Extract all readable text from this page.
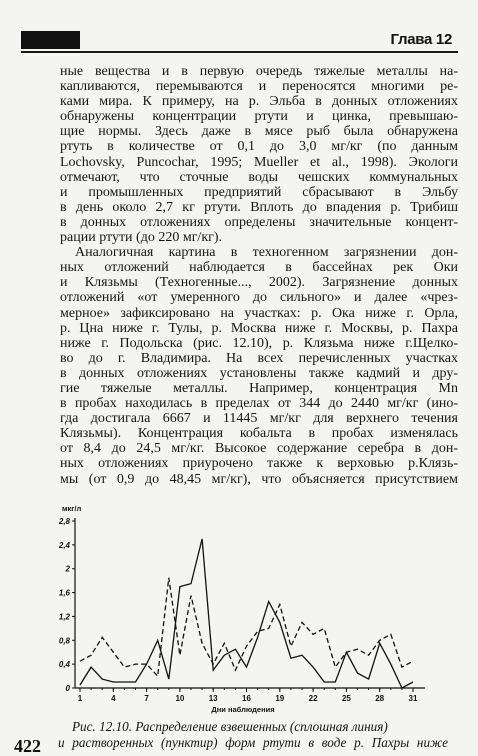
Глава 12
ные вещества и в первую очередь тяжелые металлы на-
капливаются, перемываются и переносятся многими ре-
ками мира. К примеру, на р. Эльба в донных отложениях
обнаружены концентрации ртути и цинка, превышаю-
щие нормы. Здесь даже в мясе рыб была обнаружена
ртуть в количестве от 0,1 до 3,0 мг/кг (по данным
Lochovsky, Puncochar, 1995; Mueller et al., 1998). Экологи
отмечают, что сточные воды чешских коммунальных
и промышленных предприятий сбрасывают в Эльбу
в день около 2,7 кг ртути. Вплоть до впадения р. Трибиш
в донных отложениях определены значительные концент-
рации ртути (до 220 мг/кг).
Аналогичная картина в техногенном загрязнении дон-
ных отложений наблюдается в бассейнах рек Оки
и Клязьмы (Техногенные..., 2002). Загрязнение донных
отложений «от умеренного до сильного» и далее «чрез-
мерное» зафиксировано на участках: р. Ока ниже г. Орла,
р. Цна ниже г. Тулы, р. Москва ниже г. Москвы, р. Пахра
ниже г. Подольска (рис. 12.10), р. Клязьма ниже г.Щелко-
во до г. Владимира. На всех перечисленных участках
в донных отложениях установлены также кадмий и дру-
гие тяжелые металлы. Например, концентрация Mn
в пробах находилась в пределах от 344 до 2440 мг/кг (ино-
гда достигала 6667 и 11445 мг/кг для верхнего течения
Клязьмы). Концентрация кобальта в пробах изменялась
от 8,4 до 24,5 мг/кг. Высокое содержание серебра в дон-
ных отложениях приурочено также к верховью р.Клязь-
мы (от 0,9 до 48,45 мг/кг), что объясняется присутствием
мкг/л
Дни наблюдения
0
0,4
0,8
1,2
1,6
2
2,4
2,8
1	4	7	10	13	16	19	22	25	28	31
Рис. 12.10. Распределение взвешенных (сплошная линия)
и растворенных (пунктир) форм ртути в воде р. Пахры ниже
422
